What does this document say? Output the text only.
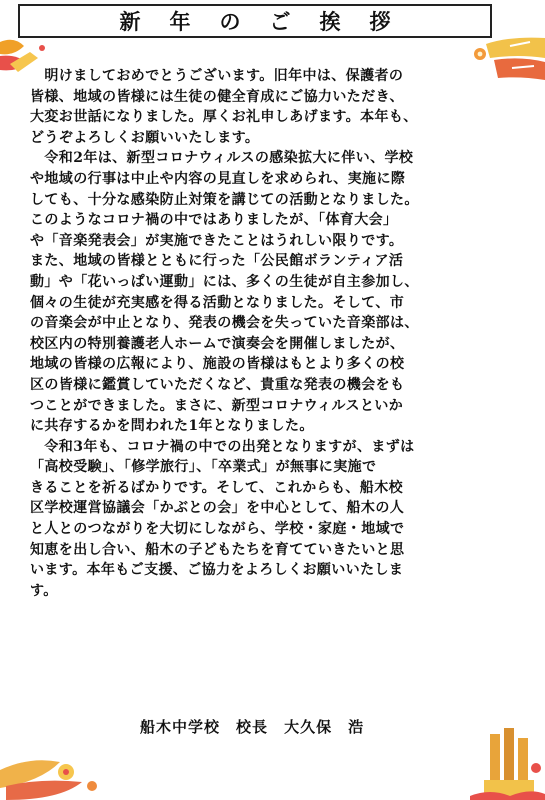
新年のご挨拶
　明けましておめでとうございます。旧年中は、保護者の
皆様、地域の皆様には生徒の健全育成にご協力いただき、
大変お世話になりました。厚くお礼申しあげます。本年も、
どうぞよろしくお願いいたします。
　令和2年は、新型コロナウィルスの感染拡大に伴い、学校
や地域の行事は中止や内容の見直しを求められ、実施に際
しても、十分な感染防止対策を講じての活動となりました。
このようなコロナ禍の中ではありましたが、「体育大会」
や「音楽発表会」が実施できたことはうれしい限りです。
また、地域の皆様とともに行った「公民館ボランティア活
動」や「花いっぱい運動」には、多くの生徒が自主参加し、
個々の生徒が充実感を得る活動となりました。そして、市
の音楽会が中止となり、発表の機会を失っていた音楽部は、
校区内の特別養護老人ホームで演奏会を開催しましたが、
地域の皆様の広報により、施設の皆様はもとより多くの校
区の皆様に鑑賞していただくなど、貴重な発表の機会をも
つことができました。まさに、新型コロナウィルスといか
に共存するかを問われた1年となりました。
　令和3年も、コロナ禍の中での出発となりますが、まずは
「高校受験」、「修学旅行」、「卒業式」が無事に実施で
きることを祈るばかりです。そして、これからも、船木校
区学校運営協議会「かぶとの会」を中心として、船木の人
と人とのつながりを大切にしながら、学校・家庭・地域で
知恵を出し合い、船木の子どもたちを育てていきたいと思
います。本年もご支援、ご協力をよろしくお願いいたしま
す。
船木中学校　 校長　 大久保　浩
